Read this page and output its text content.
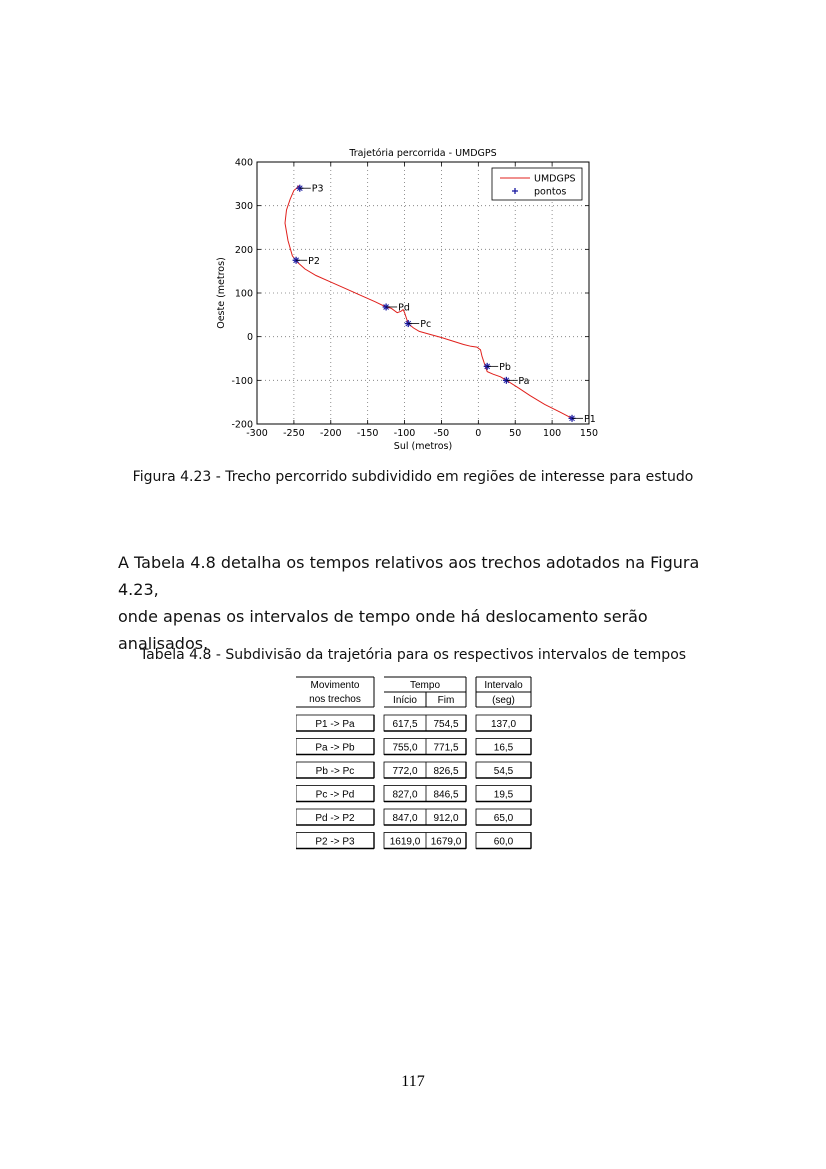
-300 -250 -200 -150 -100 -50	0	50 100 150
-200
-100
0
100
200
300
400
Trajetória percorrida - UMDGPS
Sul (metros)
Oeste (metros)
P1
Pa
Pb
Pc
Pd
P2
P3
UMDGPS
pontos
Figura 4.23 - Trecho percorrido subdividido em regiões de interesse para estudo

A Tabela 4.8 detalha os tempos relativos aos trechos adotados na Figura 4.23,

onde apenas os intervalos de tempo onde há deslocamento serão analisados.

Tabela 4.8 - Subdivisão da trajetória para os respectivos intervalos de tempos
Movimento
nos trechos
Tempo
Início Fim
Intervalo
(seg)
P1 -> Pa	617,5 754,5	137,0
Pa -> Pb	755,0 771,5	16,5
Pb -> Pc	772,0 826,5	54,5
Pc -> Pd	827,0 846,5	19,5
Pd -> P2	847,0 912,0	65,0
P2 -> P3	1619,0 1679,0	60,0
117
